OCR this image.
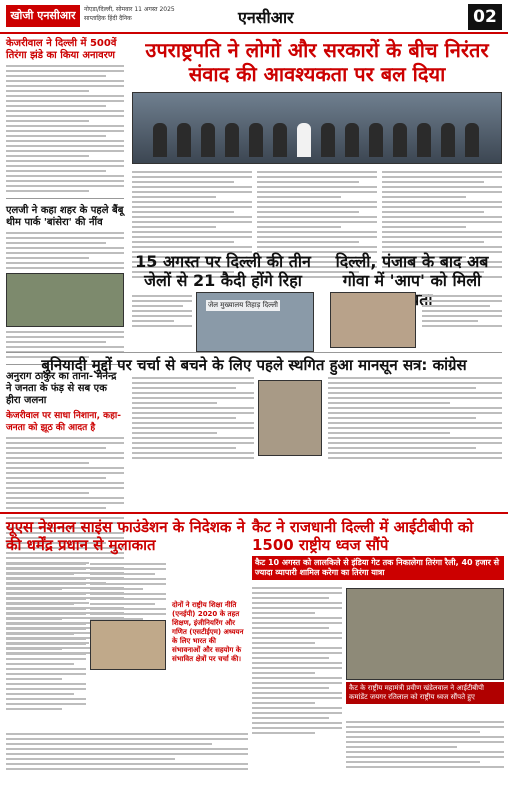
खोजी एनसीआर	नोएडा/दिल्ली, सोमवार 11 अगस्त 2025
साप्ताहिक हिंदी दैनिक	एनसीआर	02
केजरीवाल ने दिल्ली में 500वें तिरंगा झंडे का किया अनावरण
एलजी ने कहा शहर के पहले बैंबू थीम पार्क 'बांसेरा' की नींव
अनुराग ठाकुर का ताना- मनेन्द्र ने जनता के फंड़ से सब एक हीरा जलना
केजरीवाल पर साधा निशाना, कहा- जनता को झूठ की आदत है
उपराष्ट्रपति ने लोगों और सरकारों के बीच निरंतर संवाद की आवश्यकता पर बल दिया
15 अगस्त पर दिल्ली की तीन जेलों से 21 कैदी होंगे रिहा
जेल मुख्यालय तिहाड़ दिल्ली
दिल्ली, पंजाब के बाद अब गोवा में 'आप' को मिली
बुनियादी मुद्दों पर चर्चा से बचने के लिए पहले स्थगित हुआ मानसून सत्र: कांग्रेस
यूएस नेशनल साइंस फाउंडेशन के निदेशक ने की धर्मेंद्र प्रधान से मुलाकात
दोनों ने राष्ट्रीय शिक्षा नीति (एनईपी) 2020 के तहत शिक्षण, इंजीनियरिंग और गणित (एसटीईएम) अध्ययन के लिए भारत की संभावनाओं और सहयोग के संभावित क्षेत्रों पर चर्चा की।
कैट ने राजधानी दिल्ली में आईटीबीपी को 1500 राष्ट्रीय ध्वज सौंपे
कैट 10 अगस्त को लालकिले से इंडिया गेट तक निकालेगा तिरंगा रैली, 40 हजार से ज्यादा व्यापारी शामिल करेगा का तिरंगा यात्रा
कैट के राष्ट्रीय महामंत्री प्रवीण खंडेलवाल ने आईटीबीपी कमांडेंट जयगर रतिलाल को राष्ट्रीय ध्वज सौंपते हुए
